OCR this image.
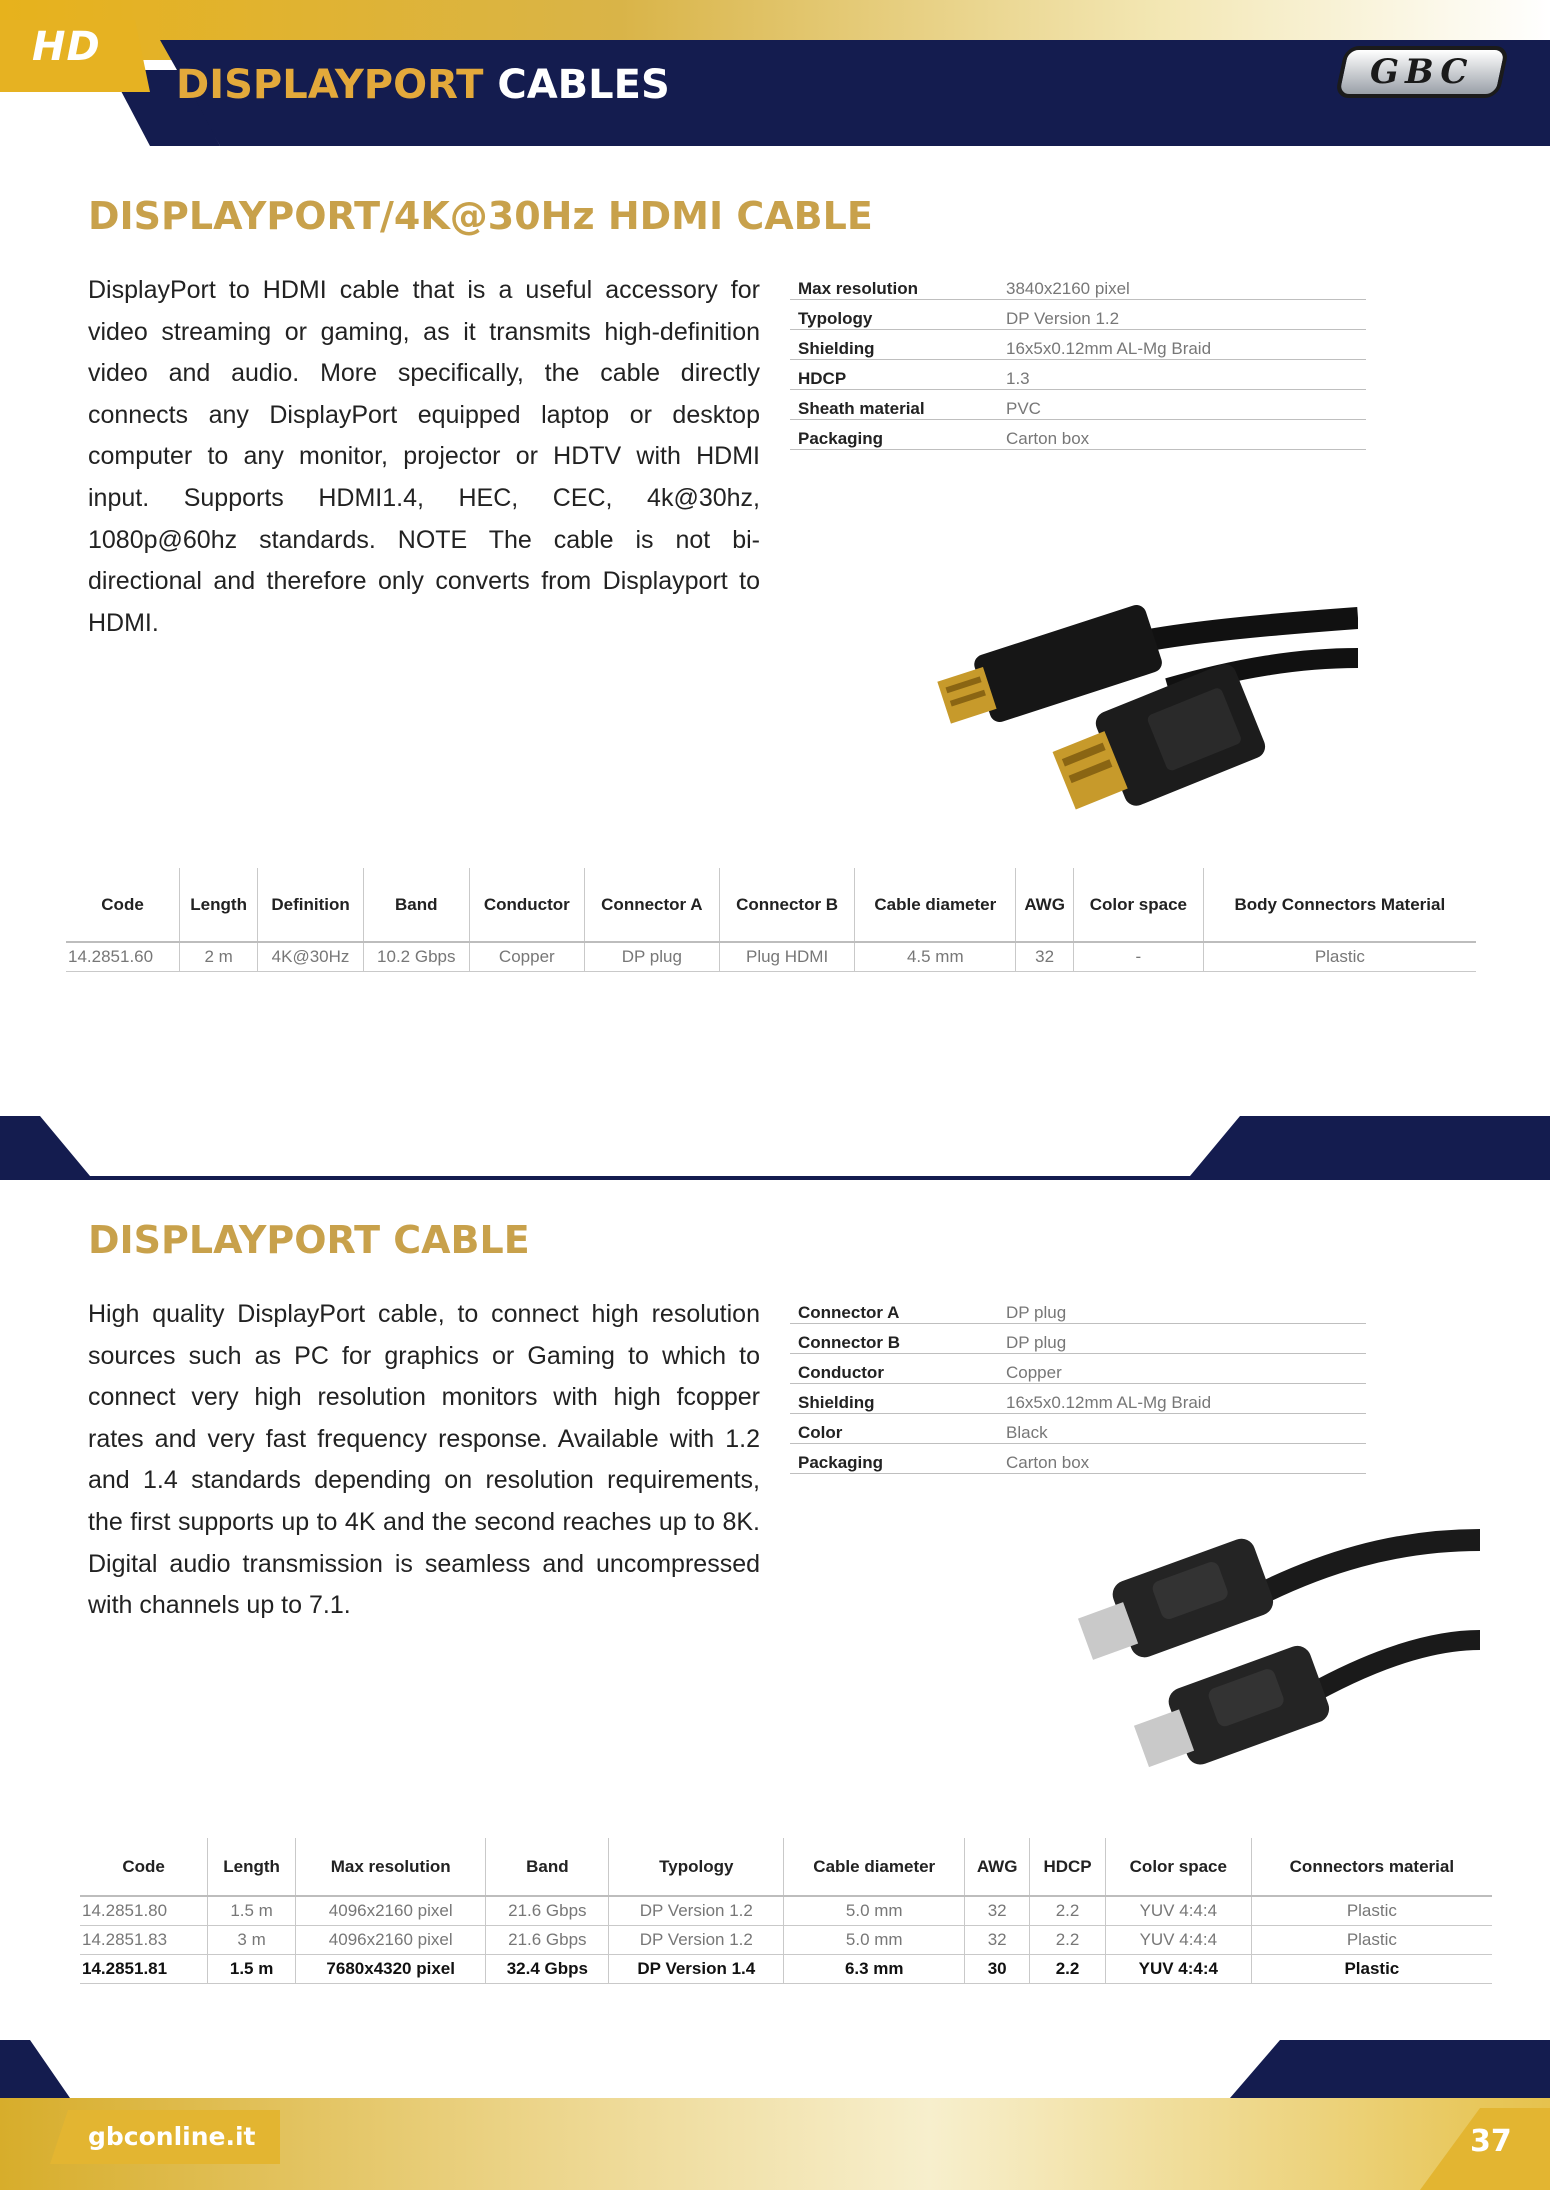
HD
DISPLAYPORT CABLES	GBC
DISPLAYPORT/4K@30Hz HDMI CABLE
DisplayPort to HDMI cable that is a useful accessory for video streaming or gaming, as it transmits high-definition video and audio. More specifically, the cable directly connects any DisplayPort equipped laptop or desktop computer to any monitor, projector or HDTV with HDMI input. Supports HDMI1.4, HEC, CEC, 4k@30hz, 1080p@60hz standards. NOTE The cable is not bi-directional and therefore only converts from Displayport to HDMI.
Max resolution	3840x2160 pixel
Typology	DP Version 1.2
Shielding	16x5x0.12mm AL-Mg Braid
HDCP	1.3
Sheath material	PVC
Packaging	Carton box
Code	Length	Definition	Band	Conductor	Connector A	Connector B	Cable diameter	AWG	Color space	Body Connectors Material
14.2851.60	2 m	4K@30Hz	10.2 Gbps	Copper	DP plug	Plug HDMI	4.5 mm	32	-	Plastic
DISPLAYPORT CABLE
High quality DisplayPort cable, to connect high resolution sources such as PC for graphics or Gaming to which to connect very high resolution monitors with high fcopper rates and very fast frequency response. Available with 1.2 and 1.4 standards depending on resolution requirements, the first supports up to 4K and the second reaches up to 8K. Digital audio transmission is seamless and uncompressed with channels up to 7.1.
Connector A	DP plug
Connector B	DP plug
Conductor	Copper
Shielding	16x5x0.12mm AL-Mg Braid
Color	Black
Packaging	Carton box
Code	Length	Max resolution	Band	Typology	Cable diameter	AWG	HDCP	Color space	Connectors material
14.2851.80	1.5 m	4096x2160 pixel	21.6 Gbps	DP Version 1.2	5.0 mm	32	2.2	YUV 4:4:4	Plastic
14.2851.83	3 m	4096x2160 pixel	21.6 Gbps	DP Version 1.2	5.0 mm	32	2.2	YUV 4:4:4	Plastic
14.2851.81	1.5 m	7680x4320 pixel	32.4 Gbps	DP Version 1.4	6.3 mm	30	2.2	YUV 4:4:4	Plastic
gbconline.it	37
